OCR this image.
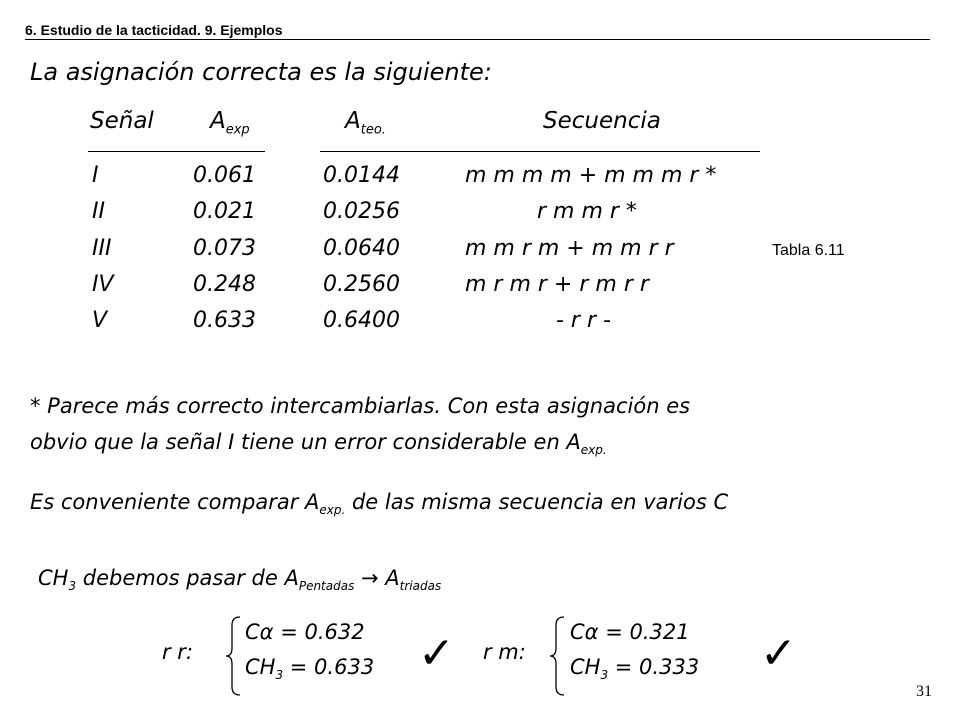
6. Estudio de la tacticidad. 9. Ejemplos
La asignación correcta es la siguiente:
Señal $A_{exp}$	$A_{teo.}$	Secuencia
I	0.061	0.0144	m m m m + m m m r *
II	0.021	0.0256	r m m r *
III	0.073	0.0640	m m r m + m m r r
IV	0.248	0.2560	m r m r + r m r r
V	0.633	0.6400	- r r -
Tabla 6.11
* Parece más correcto intercambiarlas. Con esta asignación es
obvio que la señal I tiene un error considerable en $A_{exp.}$
Es conveniente comparar $A_{exp.}$ de las misma secuencia en varios C
$CH_3$ debemos pasar de $A_{Pentadas} \to A_{triadas}$
r r:
Cα = 0.632
$CH_3 = 0.633$ ✓ r m:
Cα = 0.321
$CH_3 = 0.333$ ✓
31
